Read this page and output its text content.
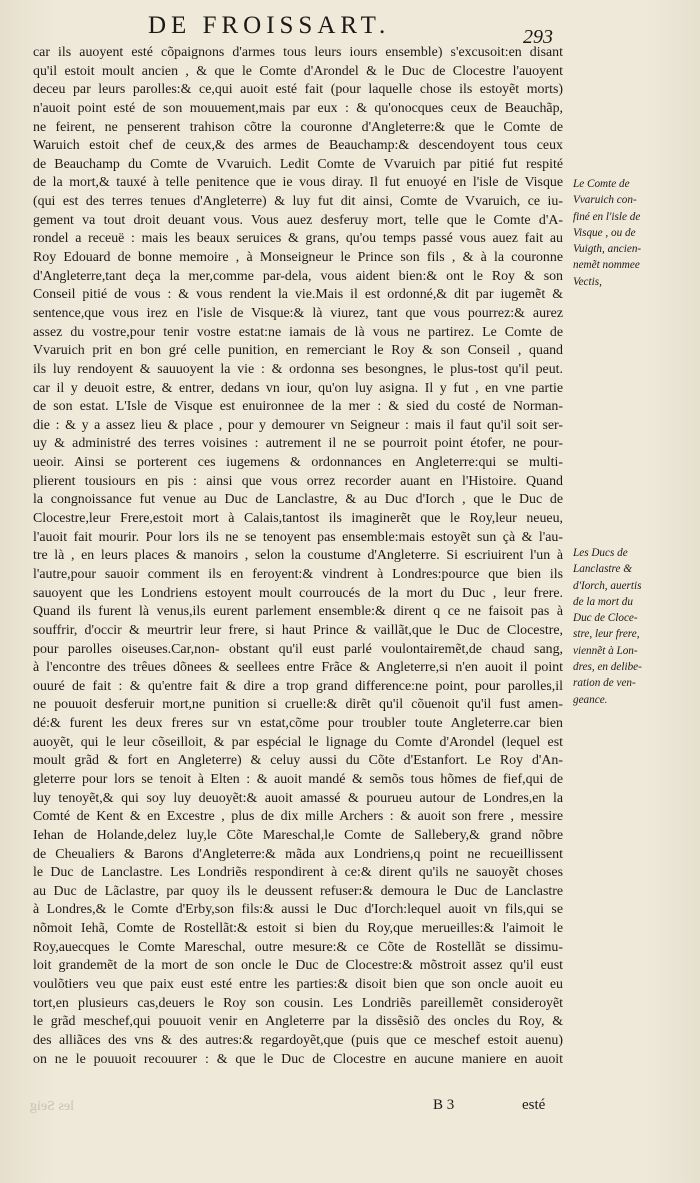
DE FROISSART.	293
car ils auoyent esté cõpaignons d'armes tous leurs iours ensemble) s'excusoit:en disant
qu'il estoit moult ancien , & que le Comte d'Arondel & le Duc de Clocestre l'auoyent
deceu par leurs parolles:& ce,qui auoit esté fait (pour laquelle chose ils estoyẽt morts)
n'auoit point esté de son mouuement,mais par eux : & qu'onocques ceux de Beauchãp,
ne feirent, ne penserent trahison cõtre la couronne d'Angleterre:& que le Comte de
Waruich estoit chef de ceux,& des armes de Beauchamp:& descendoyent tous ceux
de Beauchamp du Comte de Vvaruich. Ledit Comte de Vvaruich par pitié fut respité
de la mort,& tauxé à telle penitence que ie vous diray. Il fut enuoyé en l'isle de Visque
(qui est des terres tenues d'Angleterre) & luy fut dit ainsi, Comte de Vvaruich, ce iu-
gement va tout droit deuant vous. Vous auez desferuy mort, telle que le Comte d'A-
rondel a receuë : mais les beaux seruices & grans, qu'ou temps passé vous auez fait au
Roy Edouard de bonne memoire , à Monseigneur le Prince son fils , & à la couronne
d'Angleterre,tant deça la mer,comme par-dela, vous aident bien:& ont le Roy & son
Conseil pitié de vous : & vous rendent la vie.Mais il est ordonné,& dit par iugemẽt &
sentence,que vous irez en l'isle de Visque:& là viurez, tant que vous pourrez:& aurez
assez du vostre,pour tenir vostre estat:ne iamais de là vous ne partirez. Le Comte de
Vvaruich prit en bon gré celle punition, en remerciant le Roy & son Conseil , quand
ils luy rendoyent & sauuoyent la vie : & ordonna ses besongnes, le plus-tost qu'il peut.
car il y deuoit estre, & entrer, dedans vn iour, qu'on luy asigna. Il y fut , en vne partie
de son estat. L'Isle de Visque est enuironnee de la mer : & sied du costé de Norman-
die : & y a assez lieu & place , pour y demourer vn Seigneur : mais il faut qu'il soit ser-
uy & administré des terres voisines : autrement il ne se pourroit point étofer, ne pour-
ueoir. Ainsi se porterent ces iugemens & ordonnances en Angleterre:qui se multi-
plierent tousiours en pis : ainsi que vous orrez recorder auant en l'Histoire. Quand
la congnoissance fut venue au Duc de Lanclastre, & au Duc d'Iorch , que le Duc de
Clocestre,leur Frere,estoit mort à Calais,tantost ils imaginerẽt que le Roy,leur neueu,
l'auoit fait mourir. Pour lors ils ne se tenoyent pas ensemble:mais estoyẽt sun çà & l'au-
tre là , en leurs places & manoirs , selon la coustume d'Angleterre. Si escriuirent l'un à
l'autre,pour sauoir comment ils en feroyent:& vindrent à Londres:pource que bien ils
sauoyent que les Londriens estoyent moult courroucés de la mort du Duc , leur frere.
Quand ils furent là venus,ils eurent parlement ensemble:& dirent q ce ne faisoit pas à
souffrir, d'occir & meurtrir leur frere, si haut Prince & vaillãt,que le Duc de Clocestre,
pour parolles oiseuses.Car,non- obstant qu'il eust parlé voulontairemẽt,de chaud sang,
à l'encontre des trêues dõnees & seellees entre Frãce & Angleterre,si n'en auoit il point
ouuré de fait : & qu'entre fait & dire a trop grand difference:ne point, pour parolles,il
ne pouuoit desferuir mort,ne punition si cruelle:& dirẽt qu'il cõuenoit qu'il fust amen-
dé:& furent les deux freres sur vn estat,cõme pour troubler toute Angleterre.car bien
auoyẽt, qui le leur cõseilloit, & par espécial le lignage du Comte d'Arondel (lequel est
moult grãd & fort en Angleterre) & celuy aussi du Cõte d'Estanfort. Le Roy d'An-
gleterre pour lors se tenoit à Elten : & auoit mandé & semõs tous hõmes de fief,qui de
luy tenoyẽt,& qui soy luy deuoyẽt:& auoit amassé & pourueu autour de Londres,en la
Comté de Kent & en Excestre , plus de dix mille Archers : & auoit son frere , messire
Iehan de Holande,delez luy,le Cõte Mareschal,le Comte de Sallebery,& grand nõbre
de Cheualiers & Barons d'Angleterre:& mãda aux Londriens,q point ne recueillissent
le Duc de Lanclastre. Les Londriẽs respondirent à ce:& dirent qu'ils ne sauoyẽt choses
au Duc de Lãclastre, par quoy ils le deussent refuser:& demoura le Duc de Lanclastre
à Londres,& le Comte d'Erby,son fils:& aussi le Duc d'Iorch:lequel auoit vn fils,qui se
nõmoit Iehã, Comte de Rostellãt:& estoit si bien du Roy,que merueilles:& l'aimoit le
Roy,auecques le Comte Mareschal, outre mesure:& ce Cõte de Rostellãt se dissimu-
loit grandemẽt de la mort de son oncle le Duc de Clocestre:& mõstroit assez qu'il eust
voulõtiers veu que paix eust esté entre les parties:& disoit bien que son oncle auoit eu
tort,en plusieurs cas,deuers le Roy son cousin. Les Londriẽs pareillemẽt consideroyẽt
le grãd meschef,qui pouuoit venir en Angleterre par la dissẽsiõ des oncles du Roy, &
des alliãces des vns & des autres:& regardoyẽt,que (puis que ce meschef estoit auenu)
on ne le pouuoit recouurer : & que le Duc de Clocestre en aucune maniere en auoit
Le Comte de
Vvaruich con-
finé en l'isle de
Visque , ou de
Vuigth, ancien-
nemẽt nommee
Vectis,
Les Ducs de
Lanclastre &
d'Iorch, auertis
de la mort du
Duc de Cloce-
stre, leur frere,
viennẽt à Lon-
dres, en delibe-
ration de ven-
geance.
les Seig	B 3	esté
